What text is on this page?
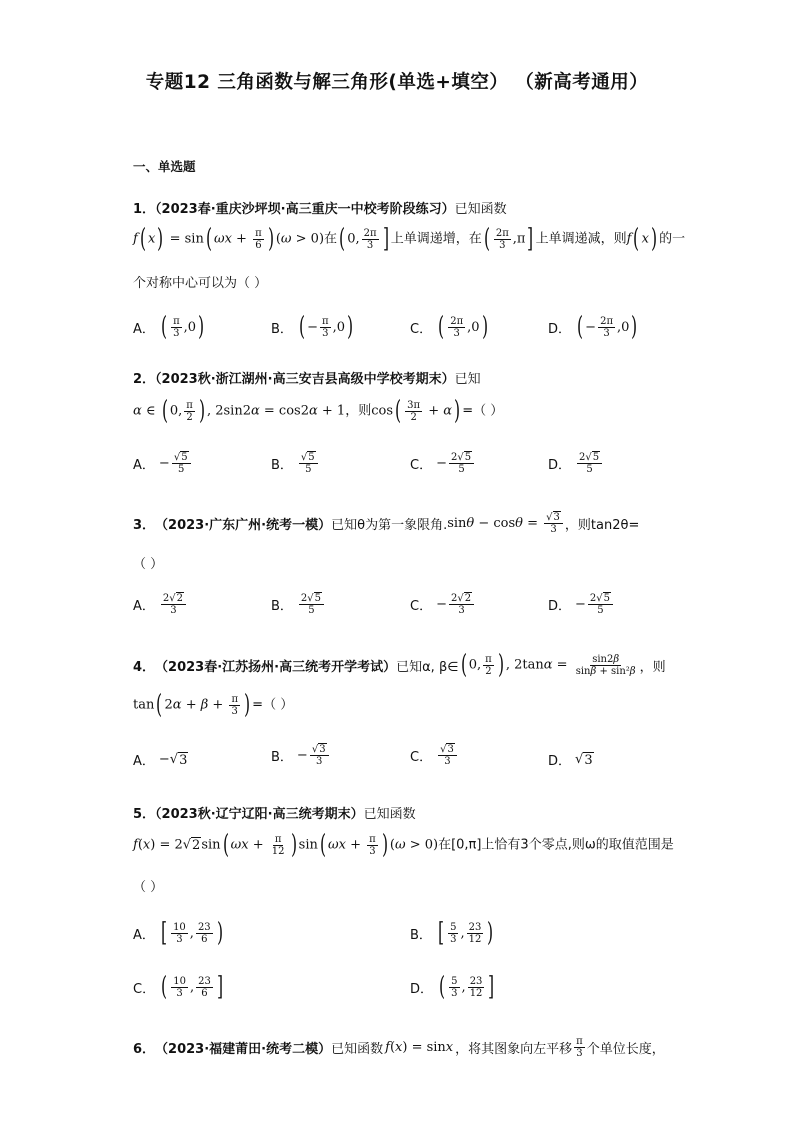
专题12 三角函数与解三角形(单选+填空） （新高考通用）
一、单选题
1．（2023春·重庆沙坪坝·高三重庆一中校考阶段练习）已知函数
f( x) = sin( $\omega x + \frac{\pi}{6}$ ) (ω > 0)在( 0, $\frac{2\pi}{3}$ ] 上单调递增，在( $\frac{2\pi}{3} ,\pi$] 上单调递减，则f( x) 的一
个对称中心可以为（ ）
A． ( $\frac{\pi}{3} ,0$ )	B． ( − $\frac{\pi}{3} ,0$ )	C． ( $\frac{2\pi}{3} ,0$ )	D． ( − $\frac{2\pi}{3} ,0$ )
2．（2023秋·浙江湖州·高三安吉县高级中学校考期末）已知
α ∈ ( 0, $\frac{\pi}{2}$ ) , 2sin2α = cos2α + 1，则$\cos( \frac{3\pi}{2} + \alpha)$ =（ ）
A． − $\frac{√5}{5}$	B． $\frac{√5}{5}$	C． − $\frac{2√5}{5}$	D． $\frac{2√5}{5}$
3． （2023·广东广州·统考一模） 已知θ为第一象限角. $\sin\theta - \cos\theta = \frac{√3}{3}$ ，则tan2θ=
（ ）
A． $\frac{2√2}{3}$	B． $\frac{2√5}{5}$	C． − $\frac{2√2}{3}$	D． − $\frac{2√5}{5}$
4． （2023春·江苏扬州·高三统考开学考试） 已知α, β∈ ( 0, $\frac{\pi}{2}$ ) , $2\tan\alpha = \frac{\sin 2\beta}{\text{sinβ + sin²β}}$ ，则
tan( $2\alpha + \beta + \frac{\pi}{3}$ ) =（ ）
A． −√ 3	B． − $\frac{√3}{3}$	C． $\frac{√3}{3}$	D． √ 3
5．（2023秋·辽宁辽阳·高三统考期末）已知函数
f(x) = 2√2sin( $\omega x + \frac{\pi}{12}$ ) sin( $\omega x + \frac{\pi}{3}$ ) (ω > 0)在[0,π]上恰有3个零点,则ω的取值范围是
（ ）
A． [ $\frac{10}{3}$ , $\frac{23}{6}$ )	B． [ $\frac{5}{3}$ , $\frac{23}{12}$ )
C． ( $\frac{10}{3}$ , $\frac{23}{6}$ ]	D． ( $\frac{5}{3}$ , $\frac{23}{12}$ ]
6． （2023·福建莆田·统考二模） 已知函数 f(x) = sinx ，将其图象向左平移 $\frac{\pi}{3}$ 个单位长度，
